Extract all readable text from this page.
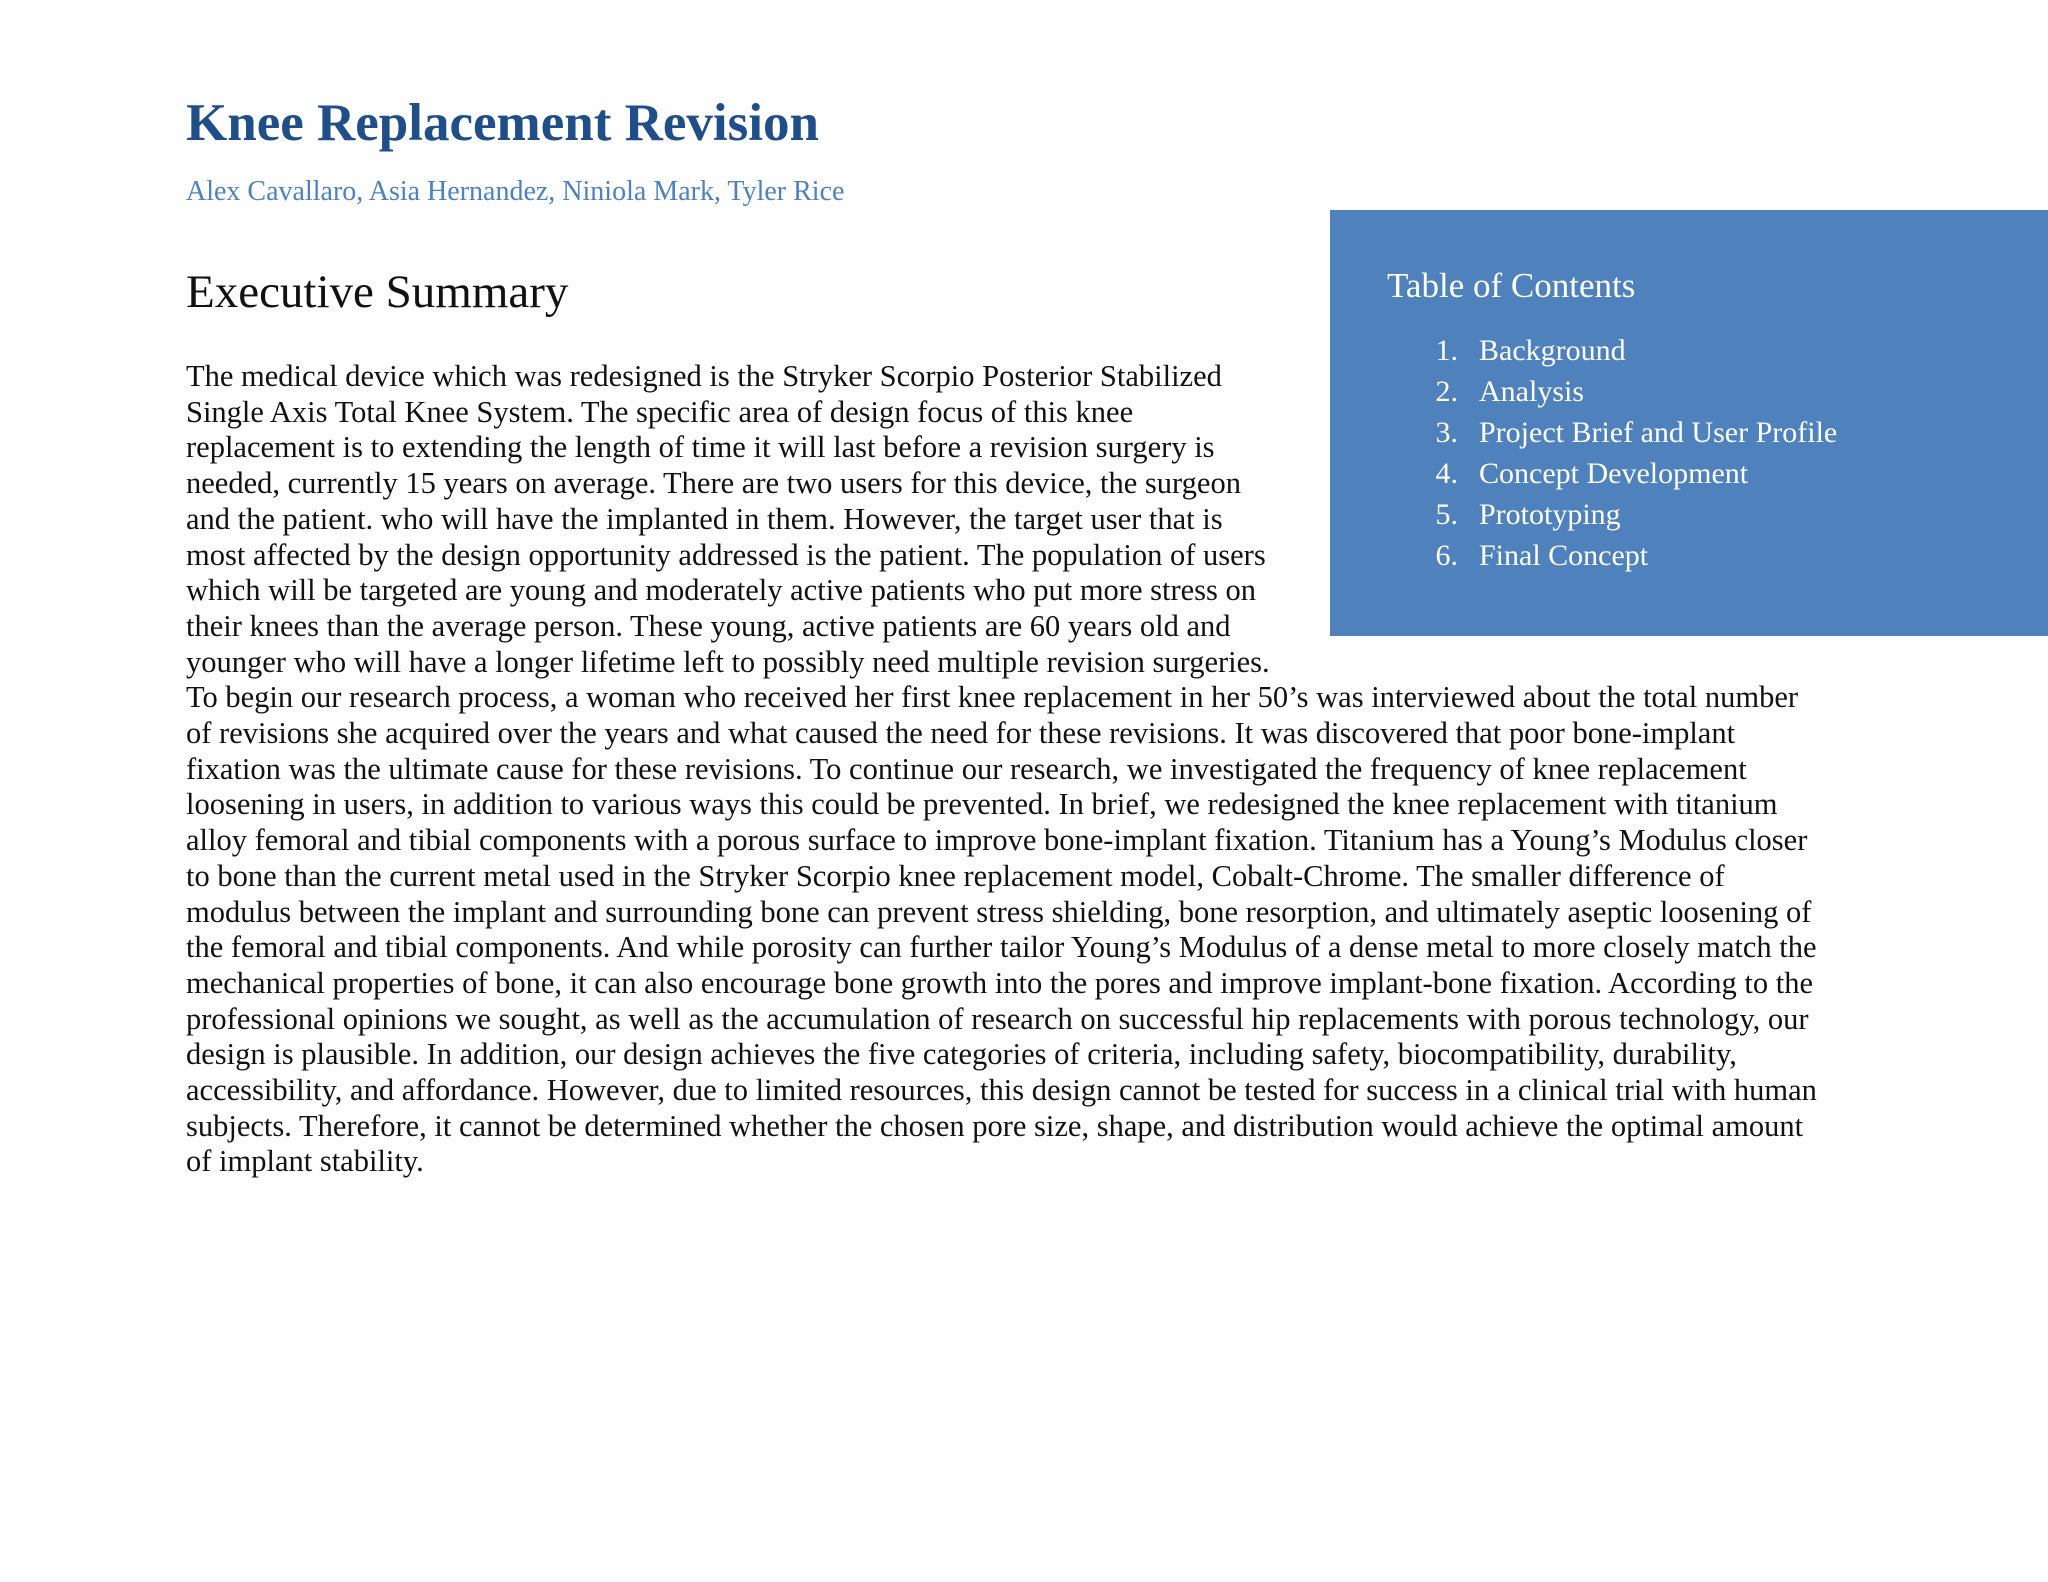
Knee Replacement Revision

Alex Cavallaro, Asia Hernandez, Niniola Mark, Tyler Rice

Table of Contents
1. Background
2. Analysis
3. Project Brief and User Profile
4. Concept Development
5. Prototyping
6. Final Concept
Executive Summary
The medical device which was redesigned is the Stryker Scorpio Posterior Stabilized
Single Axis Total Knee System. The specific area of design focus of this knee
replacement is to extending the length of time it will last before a revision surgery is
needed, currently 15 years on average. There are two users for this device, the surgeon
and the patient. who will have the implanted in them. However, the target user that is
most affected by the design opportunity addressed is the patient. The population of users
which will be targeted are young and moderately active patients who put more stress on
their knees than the average person. These young, active patients are 60 years old and
younger who will have a longer lifetime left to possibly need multiple revision surgeries.
To begin our research process, a woman who received her first knee replacement in her 50’s was interviewed about the total number
of revisions she acquired over the years and what caused the need for these revisions. It was discovered that poor bone-implant
fixation was the ultimate cause for these revisions. To continue our research, we investigated the frequency of knee replacement
loosening in users, in addition to various ways this could be prevented. In brief, we redesigned the knee replacement with titanium
alloy femoral and tibial components with a porous surface to improve bone-implant fixation. Titanium has a Young’s Modulus closer
to bone than the current metal used in the Stryker Scorpio knee replacement model, Cobalt-Chrome. The smaller difference of
modulus between the implant and surrounding bone can prevent stress shielding, bone resorption, and ultimately aseptic loosening of
the femoral and tibial components. And while porosity can further tailor Young’s Modulus of a dense metal to more closely match the
mechanical properties of bone, it can also encourage bone growth into the pores and improve implant-bone fixation. According to the
professional opinions we sought, as well as the accumulation of research on successful hip replacements with porous technology, our
design is plausible. In addition, our design achieves the five categories of criteria, including safety, biocompatibility, durability,
accessibility, and affordance. However, due to limited resources, this design cannot be tested for success in a clinical trial with human
subjects. Therefore, it cannot be determined whether the chosen pore size, shape, and distribution would achieve the optimal amount
of implant stability.
